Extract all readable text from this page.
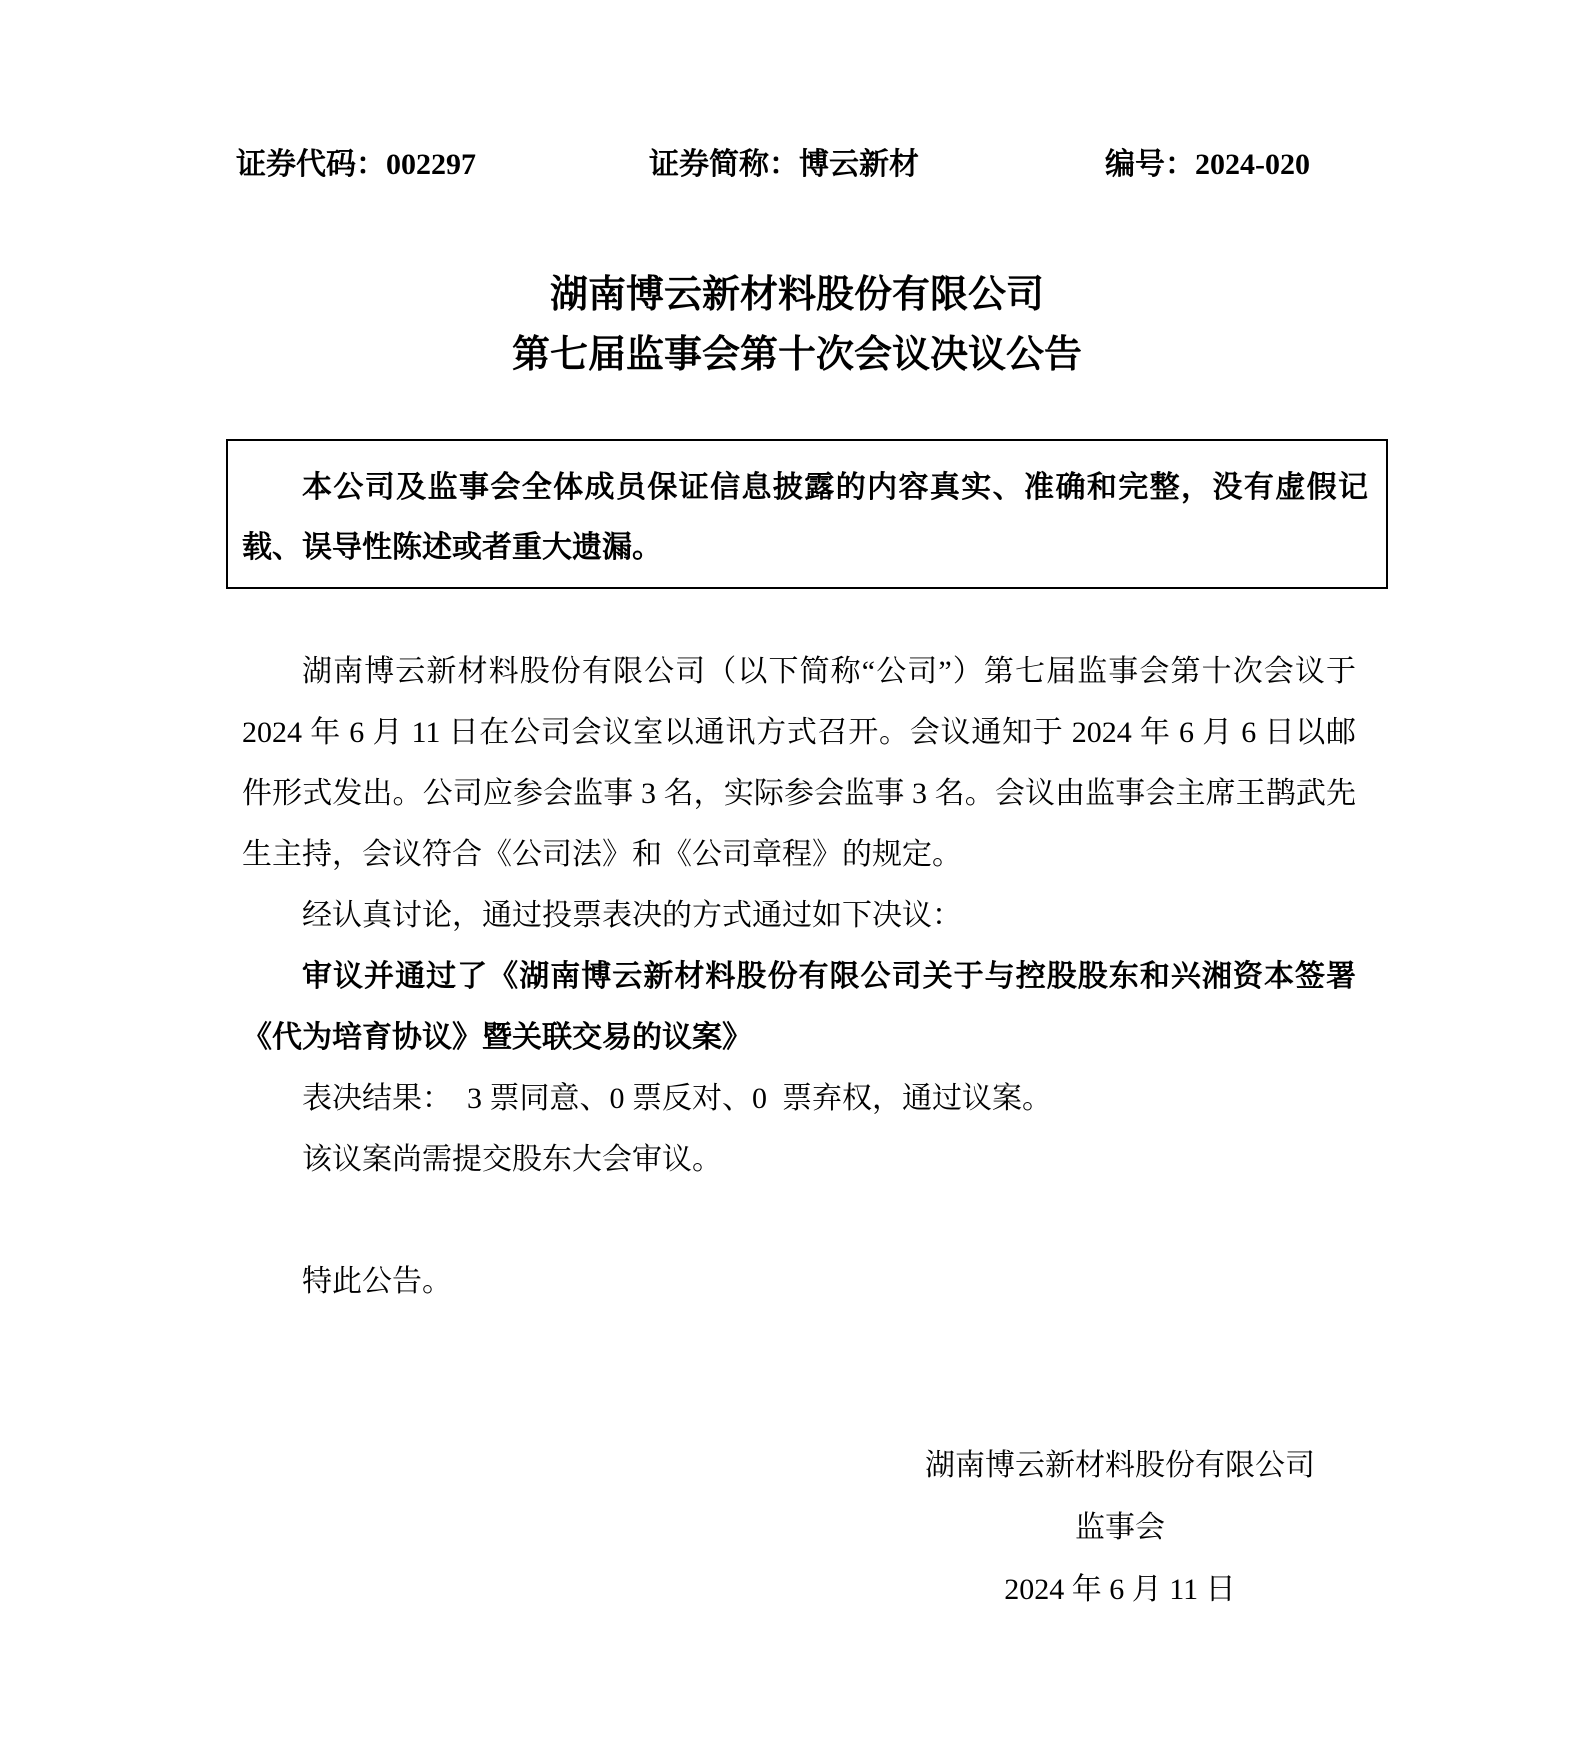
证券代码：002297	证券简称：博云新材	编号：2024-020
湖南博云新材料股份有限公司
第七届监事会第十次会议决议公告

本公司及监事会全体成员保证信息披露的内容真实、准确和完整，没有虚假记载、误导性陈述或者重大遗漏。

湖南博云新材料股份有限公司（以下简称“公司”）第七届监事会第十次会议于 2024 年 6 月 11 日在公司会议室以通讯方式召开。会议通知于 2024 年 6 月 6 日以邮件形式发出。公司应参会监事 3 名，实际参会监事 3 名。会议由监事会主席王鹊武先生主持，会议符合《公司法》和《公司章程》的规定。

经认真讨论，通过投票表决的方式通过如下决议：

审议并通过了《湖南博云新材料股份有限公司关于与控股股东和兴湘资本签署《代为培育协议》暨关联交易的议案》

表决结果：  3 票同意、0 票反对、0  票弃权，通过议案。

该议案尚需提交股东大会审议。

特此公告。

湖南博云新材料股份有限公司
监事会
2024 年 6 月 11 日
